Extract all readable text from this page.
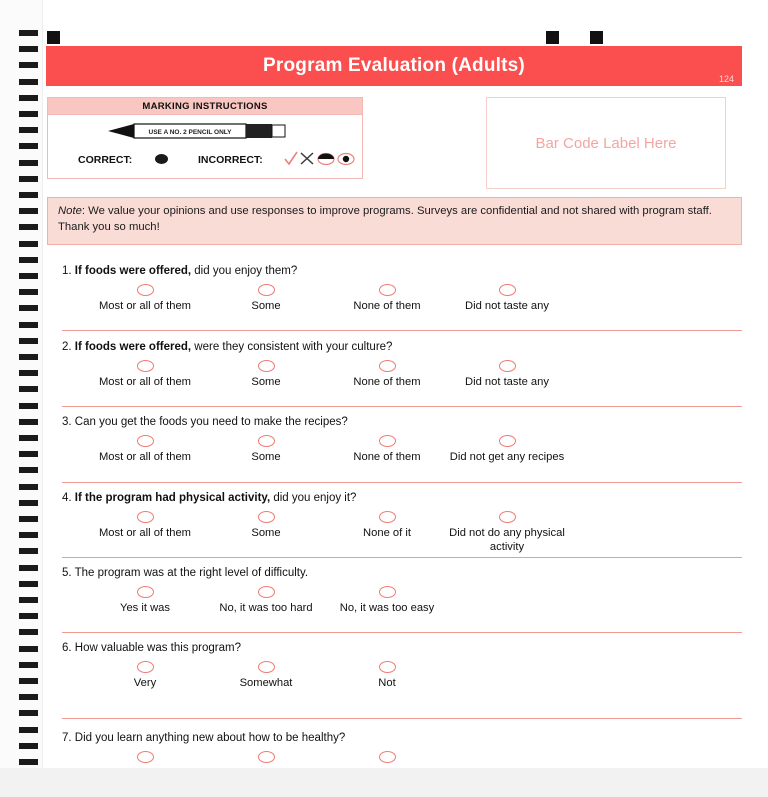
Program Evaluation (Adults)
124
MARKING INSTRUCTIONS
USE A NO. 2 PENCIL ONLY
CORRECT:	INCORRECT:
Bar Code Label Here
Note: We value your opinions and use responses to improve programs. Surveys are confidential and not shared with program staff. Thank you so much!
1. If foods were offered, did you enjoy them?
Most or all of them	Some	None of them	Did not taste any
2. If foods were offered, were they consistent with your culture?
Most or all of them	Some	None of them	Did not taste any
3. Can you get the foods you need to make the recipes?
Most or all of them	Some	None of them	Did not get any recipes
4. If the program had physical activity, did you enjoy it?
Most or all of them	Some	None of it	Did not do any physical activity
5. The program was at the right level of difficulty.
Yes it was	No, it was too hard	No, it was too easy
6. How valuable was this program?
Very	Somewhat	Not
7. Did you learn anything new about how to be healthy?
